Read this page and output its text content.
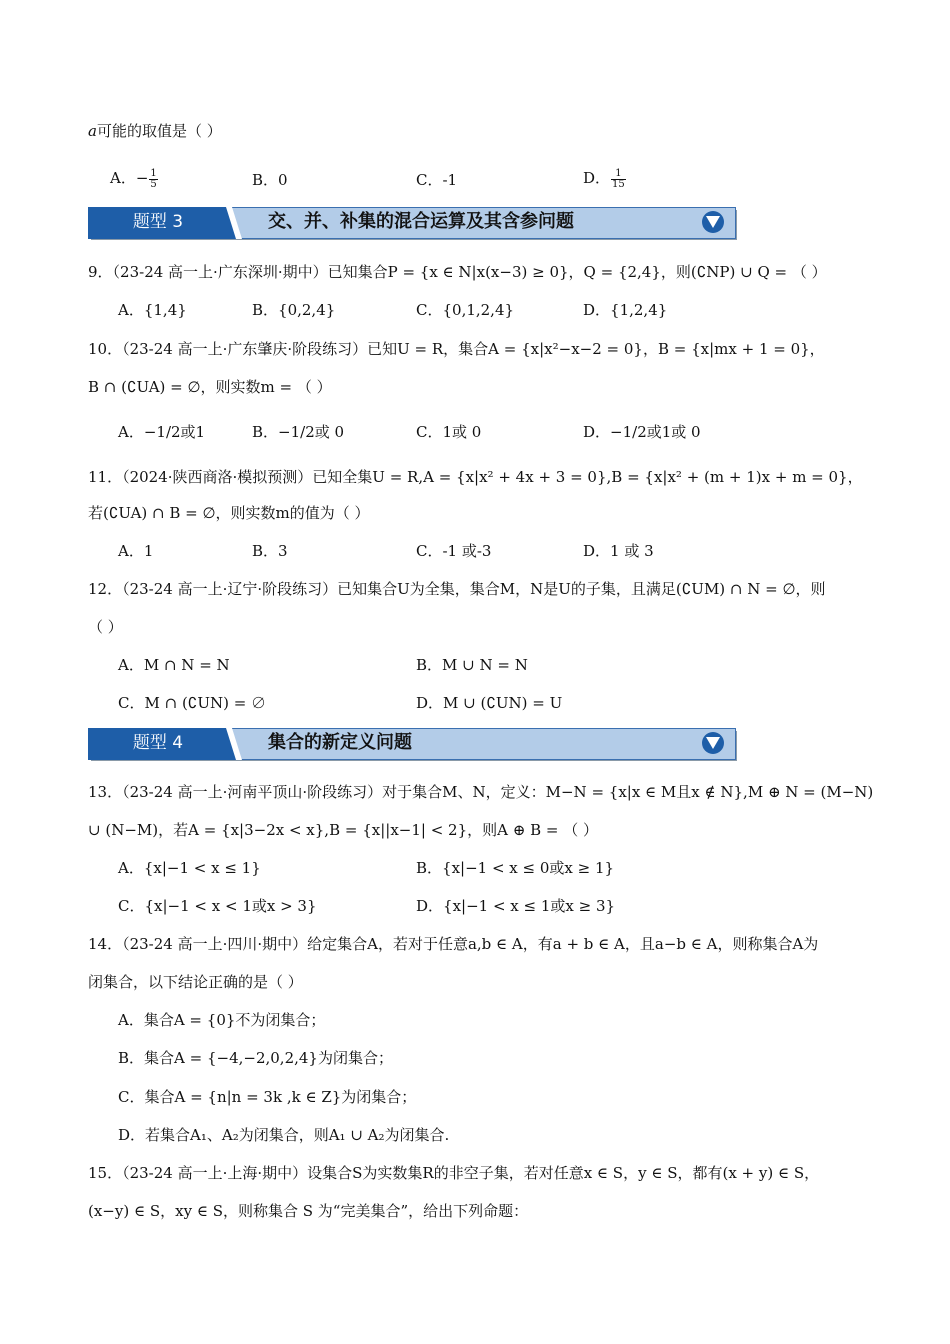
a可能的取值是（ ）
A．− $\frac{1}{5}$	B．0	C．-1	D． $\frac{1}{15}$
题型 3	交、并、补集的混合运算及其含参问题
9．（23-24 高一上·广东深圳·期中）已知集合P = {x ∈ N|x(x−3) ≥ 0}，Q = {2,4}，则(∁NP) ∪ Q = （ ）
A．{1,4}	B．{0,2,4}	C．{0,1,2,4}	D．{1,2,4}
10．（23-24 高一上·广东肇庆·阶段练习）已知U = R，集合A = {x|x²−x−2 = 0}，B = {x|mx + 1 = 0}，
B ∩ (∁UA) = ∅，则实数m = （ ）
A．−1/2或1	B．−1/2或 0	C．1或 0	D．−1/2或1或 0
11．（2024·陕西商洛·模拟预测）已知全集U = R,A = {x|x² + 4x + 3 = 0},B = {x|x² + (m + 1)x + m = 0}，
若(∁UA) ∩ B = ∅，则实数m的值为（ ）
A．1	B．3	C．-1 或-3	D．1 或 3
12．（23-24 高一上·辽宁·阶段练习）已知集合U为全集，集合M，N是U的子集，且满足(∁UM) ∩ N = ∅，则
（ ）
A．M ∩ N = N	B．M ∪ N = N
C．M ∩ (∁UN) = ∅	D．M ∪ (∁UN) = U
题型 4	集合的新定义问题
13．（23-24 高一上·河南平顶山·阶段练习）对于集合M、N，定义：M−N = {x|x ∈ M且x ∉ N},M ⊕ N = (M−N)
∪ (N−M)，若A = {x|3−2x < x},B = {x||x−1| < 2}，则A ⊕ B = （ ）
A．{x|−1 < x ≤ 1}	B．{x|−1 < x ≤ 0或x ≥ 1}
C．{x|−1 < x < 1或x > 3}	D．{x|−1 < x ≤ 1或x ≥ 3}
14．（23-24 高一上·四川·期中）给定集合A，若对于任意a,b ∈ A，有a + b ∈ A，且a−b ∈ A，则称集合A为
闭集合，以下结论正确的是（ ）
A．集合A = {0}不为闭集合；
B．集合A = {−4,−2,0,2,4}为闭集合；
C．集合A = {n|n = 3k ,k ∈ Z}为闭集合；
D．若集合A₁、A₂为闭集合，则A₁ ∪ A₂为闭集合.
15．（23-24 高一上·上海·期中）设集合S为实数集R的非空子集，若对任意x ∈ S，y ∈ S，都有(x + y) ∈ S，
(x−y) ∈ S，xy ∈ S，则称集合 S 为“完美集合”，给出下列命题：
